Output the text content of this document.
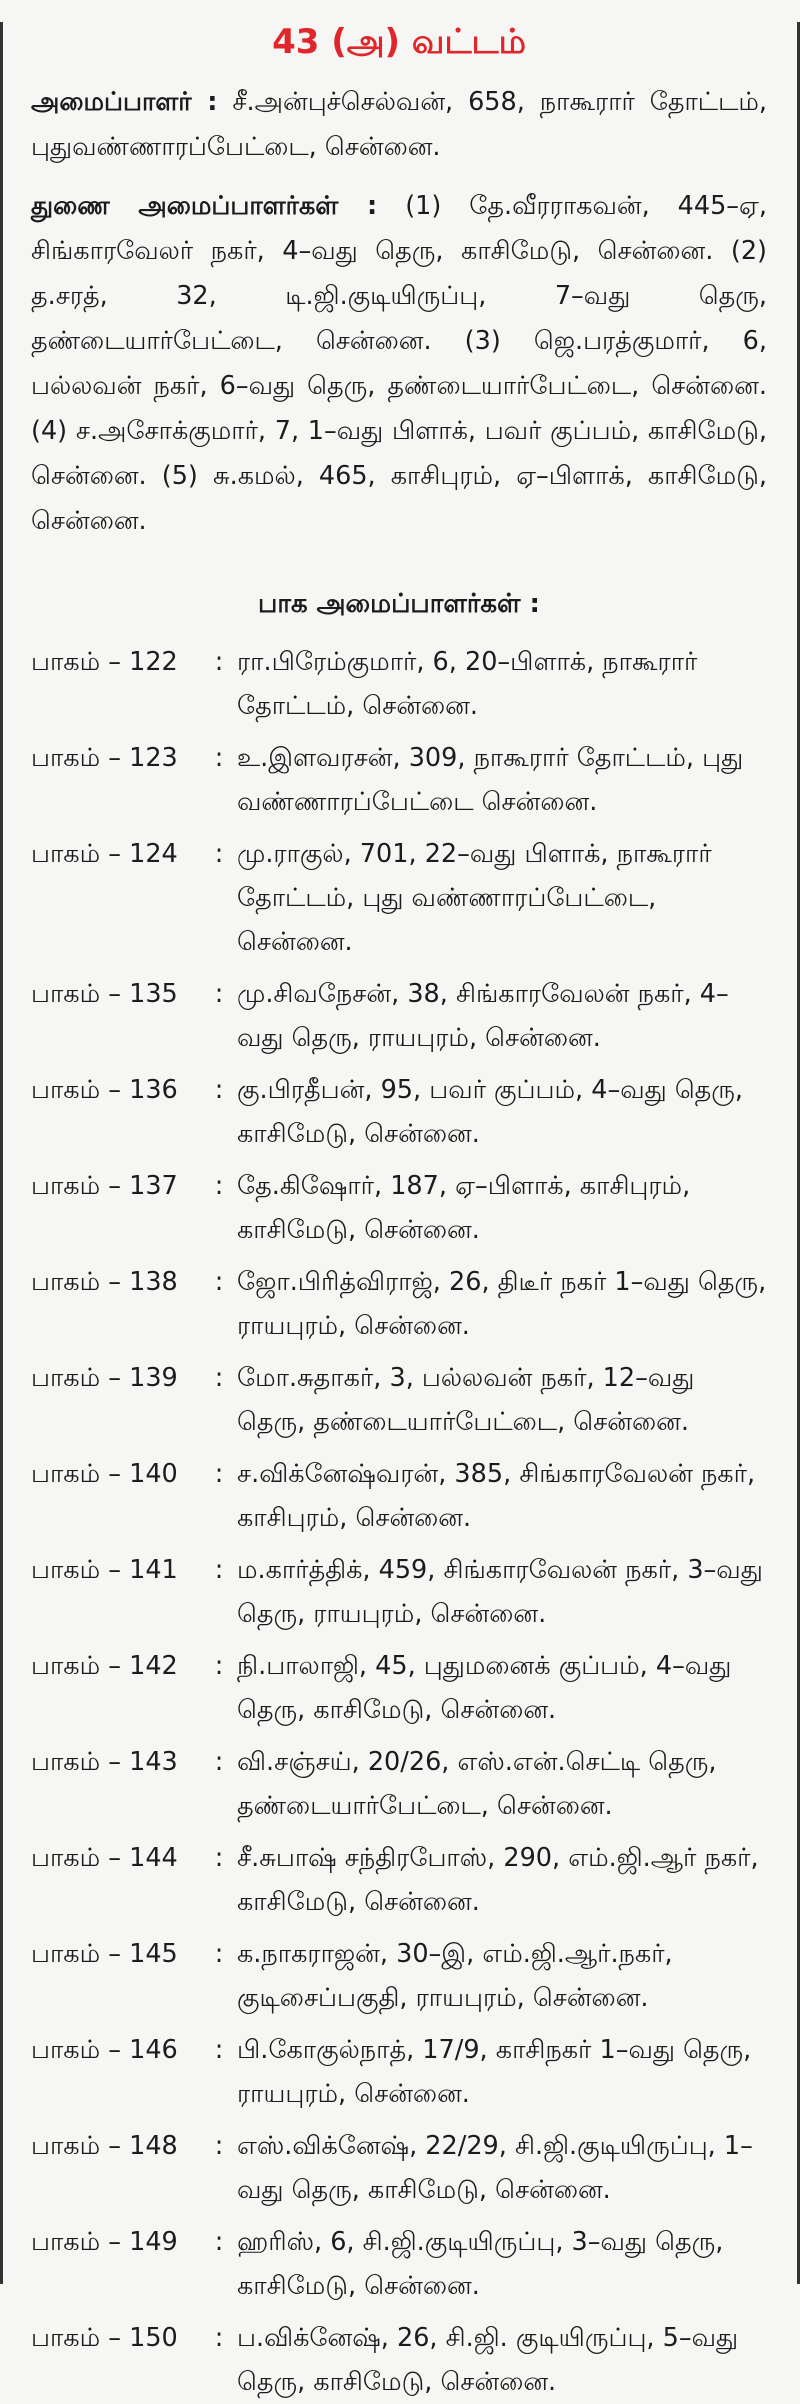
43 (அ) வட்டம்

அமைப்பாளர் : சீ.அன்புச்செல்வன், 658, நாகூரார் தோட்டம், புதுவண்ணாரப்பேட்டை, சென்னை.

துணை அமைப்பாளர்கள் : (1) தே.வீரராகவன், 445–ஏ, சிங்காரவேலர் நகர், 4–வது தெரு, காசிமேடு, சென்னை. (2) த.சரத், 32, டி.ஜி.குடியிருப்பு, 7–வது தெரு, தண்டையார்பேட்டை, சென்னை. (3) ஜெ.பரத்குமார், 6, பல்லவன் நகர், 6–வது தெரு, தண்டையார்பேட்டை, சென்னை. (4) ச.அசோக்குமார், 7, 1–வது பிளாக், பவர் குப்பம், காசிமேடு, சென்னை. (5) சு.கமல், 465, காசிபுரம், ஏ–பிளாக், காசிமேடு, சென்னை.

பாக அமைப்பாளர்கள் :
பாகம் – 122	: ரா.பிரேம்குமார், 6, 20–பிளாக், நாகூரார் தோட்டம், சென்னை.
பாகம் – 123	: உ.இளவரசன், 309, நாகூரார் தோட்டம், புது வண்ணாரப்பேட்டை சென்னை.
பாகம் – 124	: மு.ராகுல், 701, 22–வது பிளாக், நாகூரார் தோட்டம், புது வண்ணாரப்பேட்டை, சென்னை.
பாகம் – 135	: மு.சிவநேசன், 38, சிங்காரவேலன் நகர், 4–வது தெரு, ராயபுரம், சென்னை.
பாகம் – 136	: கு.பிரதீபன், 95, பவர் குப்பம், 4–வது தெரு, காசிமேடு, சென்னை.
பாகம் – 137	: தே.கிஷோர், 187, ஏ–பிளாக், காசிபுரம், காசிமேடு, சென்னை.
பாகம் – 138	: ஜோ.பிரித்விராஜ், 26, திடீர் நகர் 1–வது தெரு, ராயபுரம், சென்னை.
பாகம் – 139	: மோ.சுதாகர், 3, பல்லவன் நகர், 12–வது தெரு, தண்டையார்பேட்டை, சென்னை.
பாகம் – 140	: ச.விக்னேஷ்வரன், 385, சிங்காரவேலன் நகர், காசிபுரம், சென்னை.
பாகம் – 141	: ம.கார்த்திக், 459, சிங்காரவேலன் நகர், 3–வது தெரு, ராயபுரம், சென்னை.
பாகம் – 142	: நி.பாலாஜி, 45, புதுமனைக் குப்பம், 4–வது தெரு, காசிமேடு, சென்னை.
பாகம் – 143	: வி.சஞ்சய், 20/26, எஸ்.என்.செட்டி தெரு, தண்டையார்பேட்டை, சென்னை.
பாகம் – 144	: சீ.சுபாஷ் சந்திரபோஸ், 290, எம்.ஜி.ஆர் நகர், காசிமேடு, சென்னை.
பாகம் – 145	: க.நாகராஜன், 30–இ, எம்.ஜி.ஆர்.நகர், குடிசைப்பகுதி, ராயபுரம், சென்னை.
பாகம் – 146	: பி.கோகுல்நாத், 17/9, காசிநகர் 1–வது தெரு, ராயபுரம், சென்னை.
பாகம் – 148	: எஸ்.விக்னேஷ், 22/29, சி.ஜி.குடியிருப்பு, 1–வது தெரு, காசிமேடு, சென்னை.
பாகம் – 149	: ஹரிஸ், 6, சி.ஜி.குடியிருப்பு, 3–வது தெரு, காசிமேடு, சென்னை.
பாகம் – 150	: ப.விக்னேஷ், 26, சி.ஜி. குடியிருப்பு, 5–வது தெரு, காசிமேடு, சென்னை.
